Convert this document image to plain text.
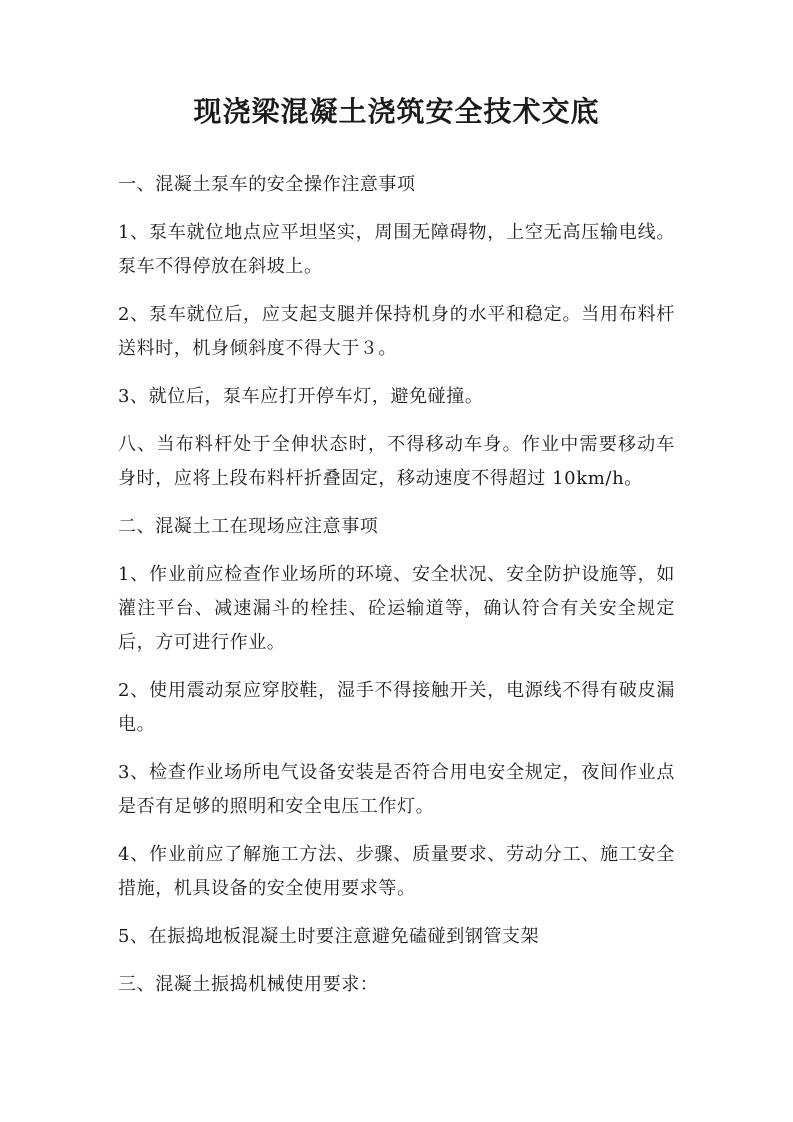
现浇梁混凝土浇筑安全技术交底

一、混凝土泵车的安全操作注意事项

1、泵车就位地点应平坦坚实，周围无障碍物，上空无高压输电线。泵车不得停放在斜坡上。

2、泵车就位后，应支起支腿并保持机身的水平和稳定。当用布料杆送料时，机身倾斜度不得大于３。

3、就位后，泵车应打开停车灯，避免碰撞。

八、当布料杆处于全伸状态时，不得移动车身。作业中需要移动车身时，应将上段布料杆折叠固定，移动速度不得超过 10km/h。

二、混凝土工在现场应注意事项

1、作业前应检查作业场所的环境、安全状况、安全防护设施等，如灌注平台、减速漏斗的栓挂、砼运输道等，确认符合有关安全规定后，方可进行作业。

2、使用震动泵应穿胶鞋，湿手不得接触开关，电源线不得有破皮漏电。

3、检查作业场所电气设备安装是否符合用电安全规定，夜间作业点是否有足够的照明和安全电压工作灯。

4、作业前应了解施工方法、步骤、质量要求、劳动分工、施工安全措施，机具设备的安全使用要求等。

5、在振捣地板混凝土时要注意避免磕碰到钢管支架

三、混凝土振捣机械使用要求：
